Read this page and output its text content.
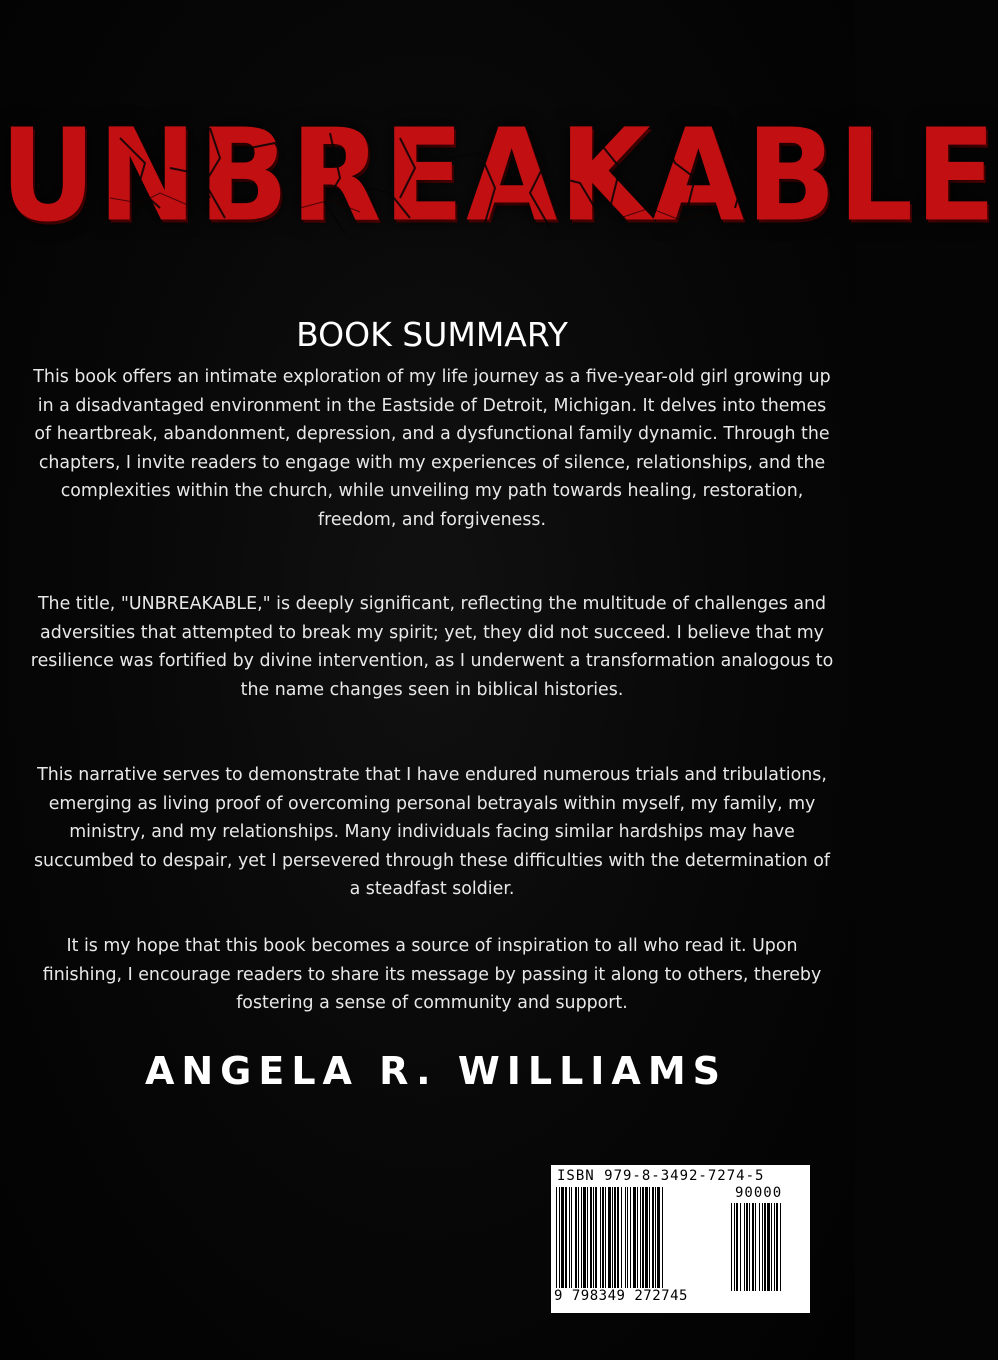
UNBREAKABLE
BOOK SUMMARY
This book offers an intimate exploration of my life journey as a five-year-old girl growing up in a disadvantaged environment in the Eastside of Detroit, Michigan. It delves into themes of heartbreak, abandonment, depression, and a dysfunctional family dynamic. Through the chapters, I invite readers to engage with my experiences of silence, relationships, and the complexities within the church, while unveiling my path towards healing, restoration, freedom, and forgiveness.
The title, "UNBREAKABLE," is deeply significant, reflecting the multitude of challenges and adversities that attempted to break my spirit; yet, they did not succeed. I believe that my resilience was fortified by divine intervention, as I underwent a transformation analogous to the name changes seen in biblical histories.
This narrative serves to demonstrate that I have endured numerous trials and tribulations, emerging as living proof of overcoming personal betrayals within myself, my family, my ministry, and my relationships. Many individuals facing similar hardships may have succumbed to despair, yet I persevered through these difficulties with the determination of a steadfast soldier.
It is my hope that this book becomes a source of inspiration to all who read it. Upon finishing, I encourage readers to share its message by passing it along to others, thereby fostering a sense of community and support.
ANGELA R. WILLIAMS
ISBN 979-8-3492-7274-5
90000
9 798349 272745
